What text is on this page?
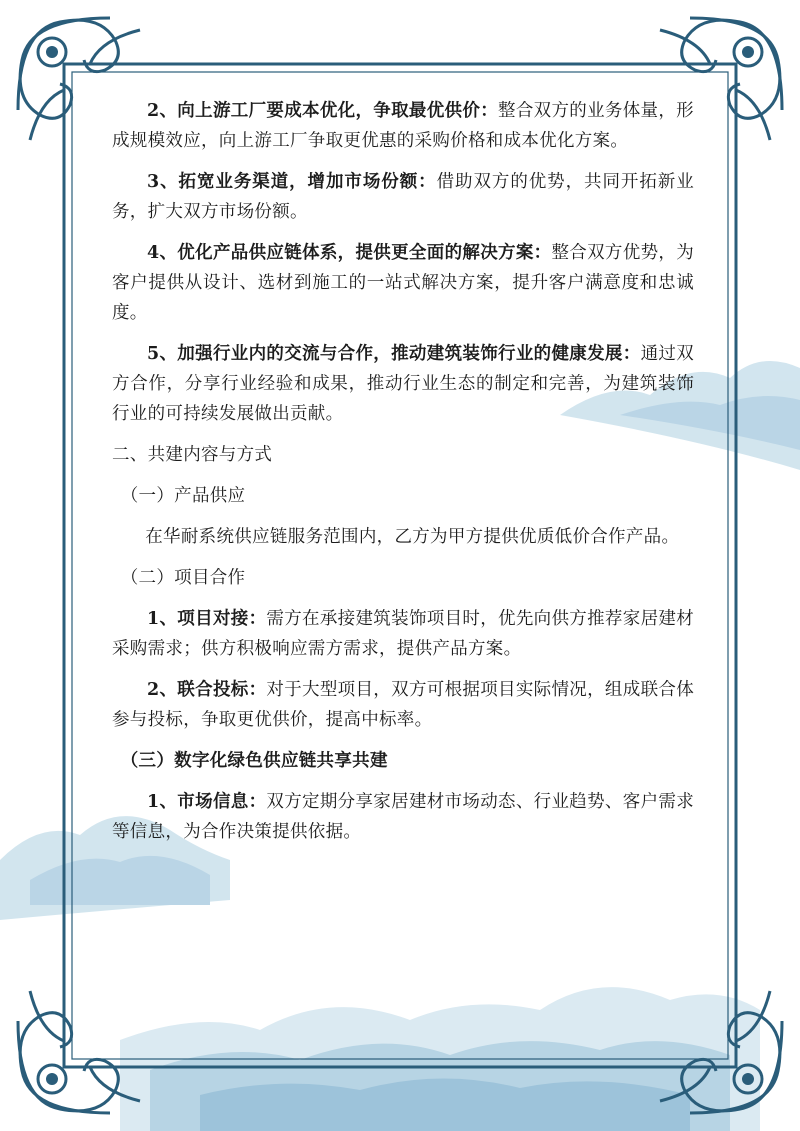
2、向上游工厂要成本优化，争取最优供价：整合双方的业务体量，形成规模效应，向上游工厂争取更优惠的采购价格和成本优化方案。

3、拓宽业务渠道，增加市场份额：借助双方的优势，共同开拓新业务，扩大双方市场份额。

4、优化产品供应链体系，提供更全面的解决方案：整合双方优势，为客户提供从设计、选材到施工的一站式解决方案，提升客户满意度和忠诚度。

5、加强行业内的交流与合作，推动建筑装饰行业的健康发展：通过双方合作，分享行业经验和成果，推动行业生态的制定和完善，为建筑装饰行业的可持续发展做出贡献。

二、共建内容与方式

（一）产品供应

在华耐系统供应链服务范围内，乙方为甲方提供优质低价合作产品。

（二）项目合作

1、项目对接：需方在承接建筑装饰项目时，优先向供方推荐家居建材采购需求；供方积极响应需方需求，提供产品方案。

2、联合投标：对于大型项目，双方可根据项目实际情况，组成联合体参与投标，争取更优供价，提高中标率。

（三）数字化绿色供应链共享共建

1、市场信息：双方定期分享家居建材市场动态、行业趋势、客户需求等信息，为合作决策提供依据。
